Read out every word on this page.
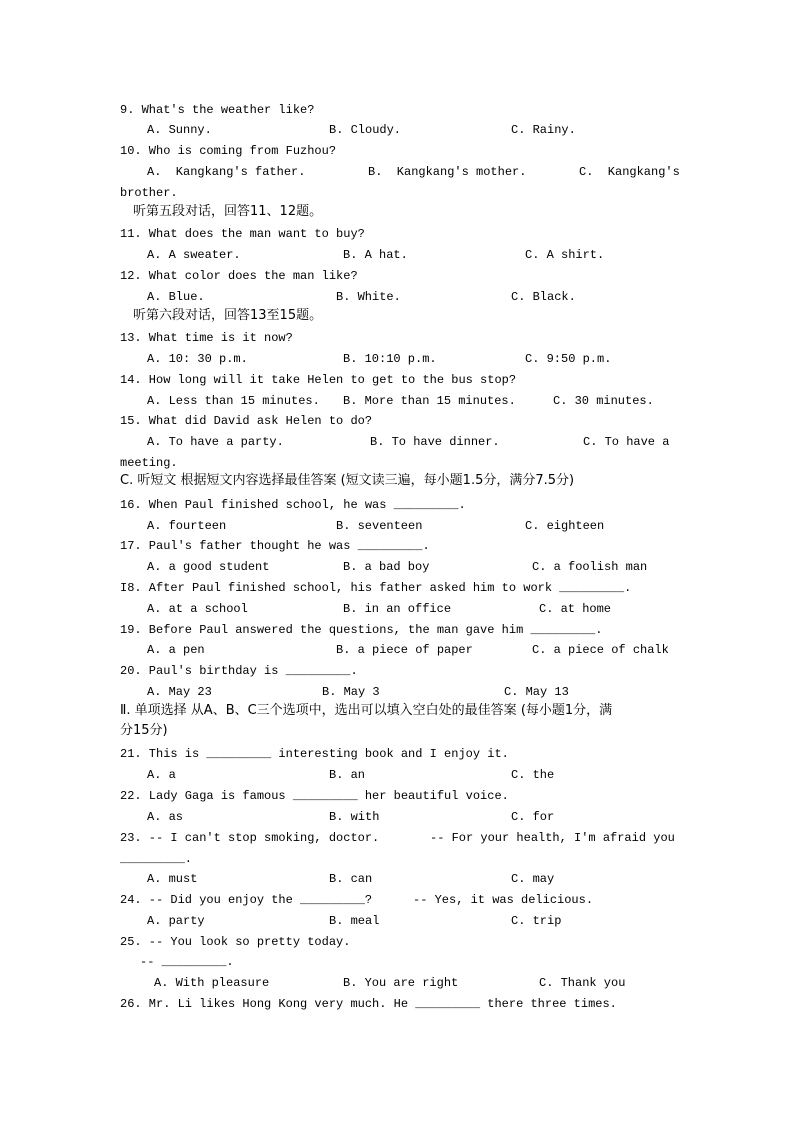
9. What's the weather like?
A. Sunny.	B. Cloudy.	C. Rainy.
10. Who is coming from Fuzhou?
A.  Kangkang's father.	B.  Kangkang's mother.	C.  Kangkang's
brother.
听第五段对话，回答11、12题。
11. What does the man want to buy?
A. A sweater.	B. A hat.	C. A shirt.
12. What color does the man like?
A. Blue.	B. White.	C. Black.
听第六段对话，回答13至15题。
13. What time is it now?
A. 10: 30 p.m.	B. 10:10 p.m.	C. 9:50 p.m.
14. How long will it take Helen to get to the bus stop?
A. Less than 15 minutes. B. More than 15 minutes.	C. 30 minutes.
15. What did David ask Helen to do?
A. To have a party.	B. To have dinner.	C. To have a
meeting.
C. 听短文 根据短文内容选择最佳答案 (短文读三遍，每小题1.5分，满分7.5分)
16. When Paul finished school, he was _________.
A. fourteen	B. seventeen	C. eighteen
17. Paul's father thought he was _________.
A. a good student	B. a bad boy	C. a foolish man
I8. After Paul finished school, his father asked him to work _________.
A. at a school	B. in an office	C. at home
19. Before Paul answered the questions, the man gave him _________.
A. a pen	B. a piece of paper	C. a piece of chalk
20. Paul's birthday is _________.
A. May 23	B. May 3	C. May 13
Ⅱ. 单项选择 从A、B、C三个选项中，选出可以填入空白处的最佳答案 (每小题1分，满
分15分)
21. This is _________ interesting book and I enjoy it.
A. a	B. an	C. the
22. Lady Gaga is famous _________ her beautiful voice.
A. as	B. with	C. for
23. -- I can't stop smoking, doctor.	-- For your health, I'm afraid you
_________.
A. must	B. can	C. may
24. -- Did you enjoy the _________?	-- Yes, it was delicious.
A. party	B. meal	C. trip
25. -- You look so pretty today.
-- _________.
A. With pleasure	B. You are right	C. Thank you
26. Mr. Li likes Hong Kong very much. He _________ there three times.
